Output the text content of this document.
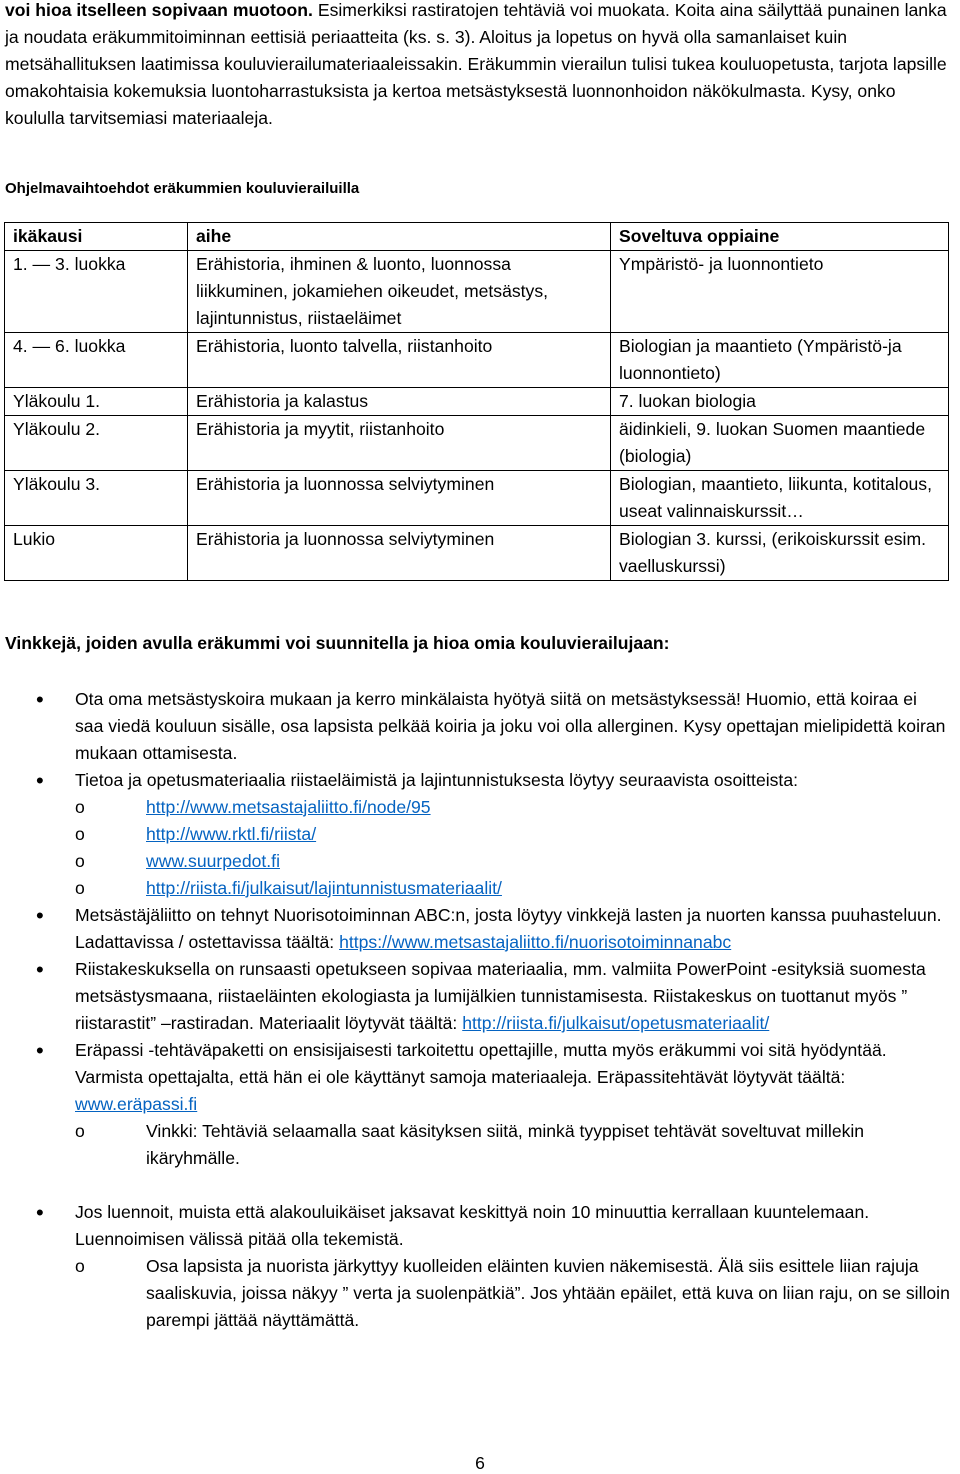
voi hioa itselleen sopivaan muotoon. Esimerkiksi rastiratojen tehtäviä voi muokata. Koita aina säilyttää punainen lanka ja noudata eräkummitoiminnan eettisiä periaatteita (ks. s. 3). Aloitus ja lopetus on hyvä olla samanlaiset kuin metsähallituksen laatimissa kouluvierailumateriaaleissakin. Eräkummin vierailun tulisi tukea kouluopetusta, tarjota lapsille omakohtaisia kokemuksia luontoharrastuksista ja kertoa metsästyksestä luonnonhoidon näkökulmasta. Kysy, onko koululla tarvitsemiasi materiaaleja.
Ohjelmavaihtoehdot eräkummien kouluvierailuilla
ikäkausi	aihe	Soveltuva oppiaine
1. — 3. luokka	Erähistoria, ihminen & luonto, luonnossa liikkuminen, jokamiehen oikeudet, metsästys, lajintunnistus, riistaeläimet	Ympäristö- ja luonnontieto
4. — 6. luokka	Erähistoria, luonto talvella, riistanhoito	Biologian ja maantieto (Ympäristö-ja luonnontieto)
Yläkoulu 1.	Erähistoria ja kalastus	7. luokan biologia
Yläkoulu 2.	Erähistoria ja myytit, riistanhoito	äidinkieli, 9. luokan Suomen maantiede (biologia)
Yläkoulu 3.	Erähistoria ja luonnossa selviytyminen	Biologian, maantieto, liikunta, kotitalous, useat valinnaiskurssit…
Lukio	Erähistoria ja luonnossa selviytyminen	Biologian 3. kurssi, (erikoiskurssit esim. vaelluskurssi)
Vinkkejä, joiden avulla eräkummi voi suunnitella ja hioa omia kouluvierailujaan:
• Ota oma metsästyskoira mukaan ja kerro minkälaista hyötyä siitä on metsästyksessä! Huomio, että koiraa ei saa viedä kouluun sisälle, osa lapsista pelkää koiria ja joku voi olla allerginen. Kysy opettajan mielipidettä koiran mukaan ottamisesta.
• Tietoa ja opetusmateriaalia riistaeläimistä ja lajintunnistuksesta löytyy seuraavista osoitteista:
o http://www.metsastajaliitto.fi/node/95
o http://www.rktl.fi/riista/
o www.suurpedot.fi
o http://riista.fi/julkaisut/lajintunnistusmateriaalit/
• Metsästäjäliitto on tehnyt Nuorisotoiminnan ABC:n, josta löytyy vinkkejä lasten ja nuorten kanssa puuhasteluun. Ladattavissa / ostettavissa täältä: https://www.metsastajaliitto.fi/nuorisotoiminnanabc
• Riistakeskuksella on runsaasti opetukseen sopivaa materiaalia, mm. valmiita PowerPoint -esityksiä suomesta metsästysmaana, riistaeläinten ekologiasta ja lumijälkien tunnistamisesta. Riistakeskus on tuottanut myös ” riistarastit” –rastiradan. Materiaalit löytyvät täältä: http://riista.fi/julkaisut/opetusmateriaalit/
• Eräpassi -tehtäväpaketti on ensisijaisesti tarkoitettu opettajille, mutta myös eräkummi voi sitä hyödyntää. Varmista opettajalta, että hän ei ole käyttänyt samoja materiaaleja. Eräpassitehtävät löytyvät täältä: www.eräpassi.fi
o Vinkki: Tehtäviä selaamalla saat käsityksen siitä, minkä tyyppiset tehtävät soveltuvat millekin ikäryhmälle.
• Jos luennoit, muista että alakouluikäiset jaksavat keskittyä noin 10 minuuttia kerrallaan kuuntelemaan. Luennoimisen välissä pitää olla tekemistä.
o Osa lapsista ja nuorista järkyttyy kuolleiden eläinten kuvien näkemisestä. Älä siis esittele liian rajuja saaliskuvia, joissa näkyy ” verta ja suolenpätkiä”. Jos yhtään epäilet, että kuva on liian raju, on se silloin parempi jättää näyttämättä.
6
